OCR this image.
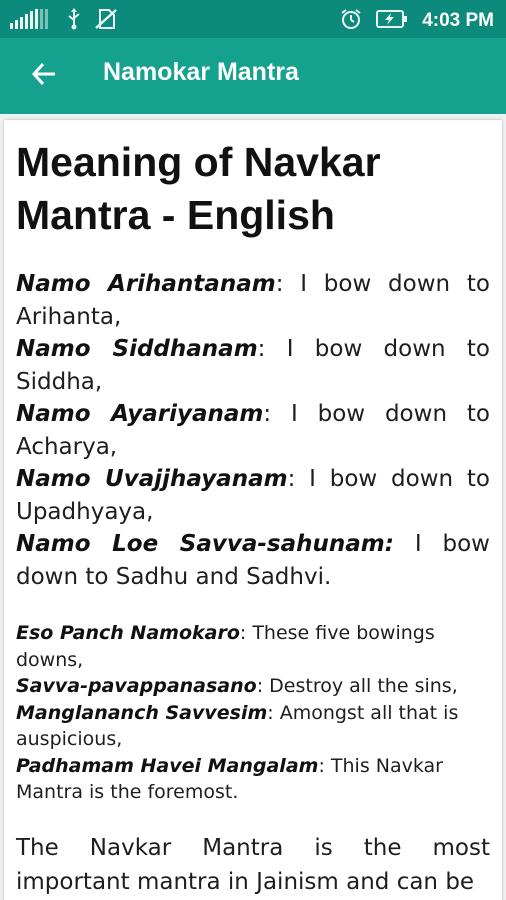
4:03 PM
Namokar Mantra
Meaning of Navkar Mantra - English

Namo Arihantanam: I bow down to Arihanta,
Namo Siddhanam: I bow down to Siddha,
Namo Ayariyanam: I bow down to Acharya,
Namo Uvajjhayanam: I bow down to Upadhyaya,
Namo Loe Savva-sahunam: I bow down to Sadhu and Sadhvi.

Eso Panch Namokaro: These five bowings downs,
Savva-pavappanasano: Destroy all the sins,
Manglananch Savvesim: Amongst all that is auspicious,
Padhamam Havei Mangalam: This Navkar Mantra is the foremost.

The Navkar Mantra is the most important mantra in Jainism and can be
